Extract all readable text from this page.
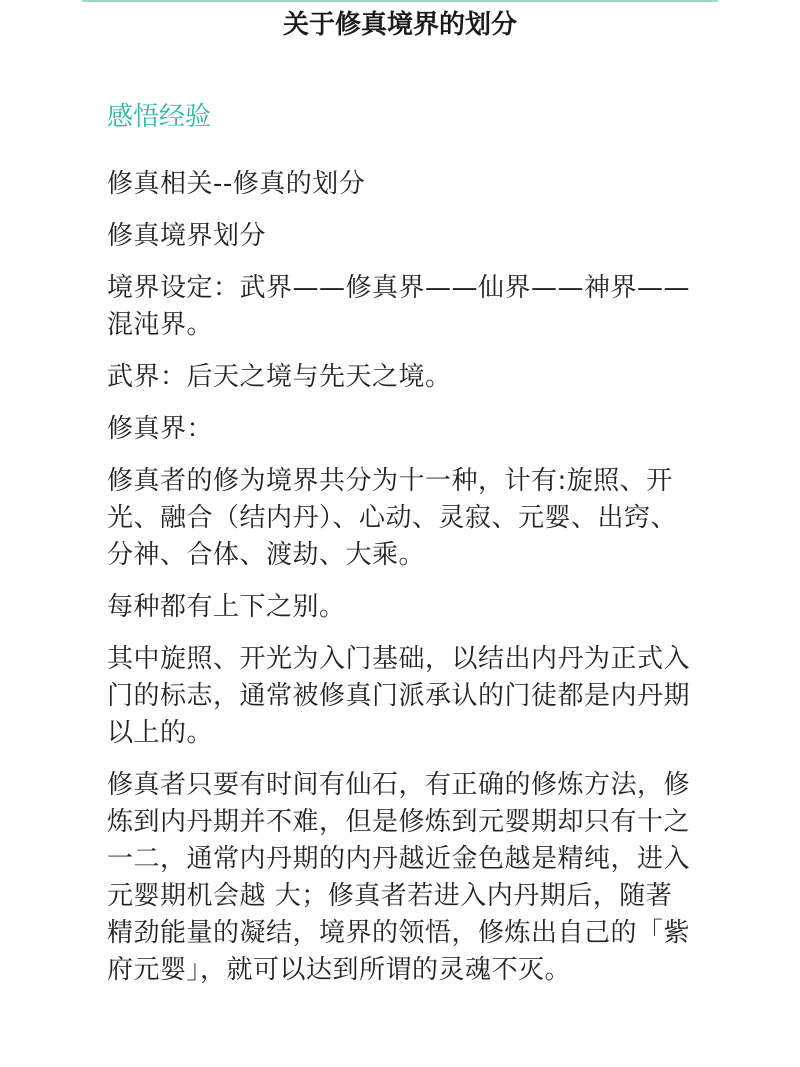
关于修真境界的划分
感悟经验

修真相关--修真的划分

修真境界划分

境界设定：武界——修真界——仙界——神界——混沌界。

武界：后天之境与先天之境。

修真界：

修真者的修为境界共分为十一种，计有:旋照、开光、融合（结内丹）、心动、灵寂、元婴、出窍、分神、合体、渡劫、大乘。

每种都有上下之别。

其中旋照、开光为入门基础，以结出内丹为正式入门的标志，通常被修真门派承认的门徒都是内丹期以上的。

修真者只要有时间有仙石，有正确的修炼方法，修炼到内丹期并不难，但是修炼到元婴期却只有十之一二，通常内丹期的内丹越近金色越是精纯，进入元婴期机会越 大；修真者若进入内丹期后，随著精劲能量的凝结，境界的领悟，修炼出自己的「紫府元婴」，就可以达到所谓的灵魂不灭。
